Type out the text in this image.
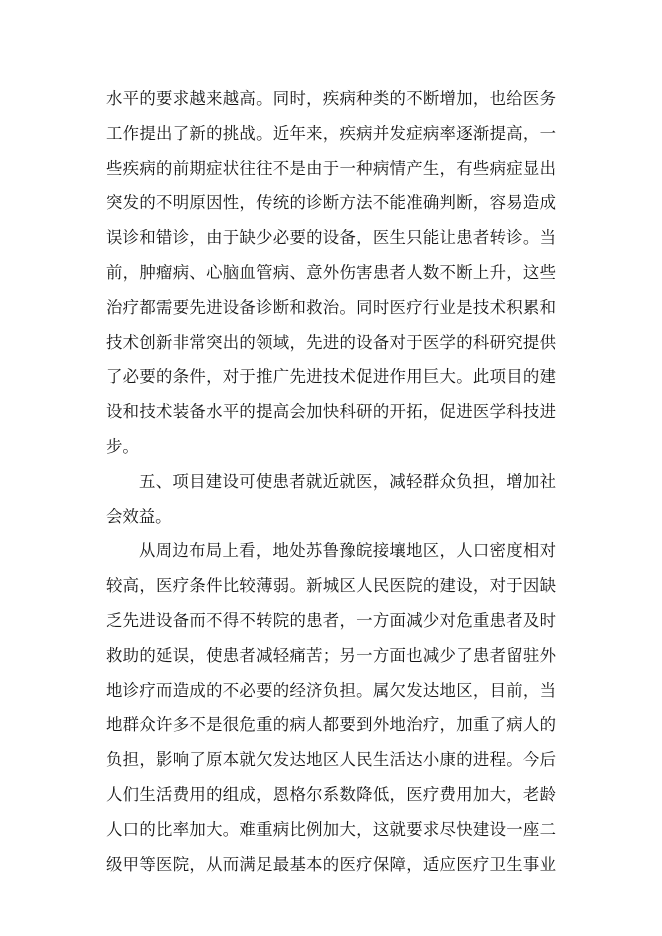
水平的要求越来越高。同时，疾病种类的不断增加，也给医务
工作提出了新的挑战。近年来，疾病并发症病率逐渐提高，一
些疾病的前期症状往往不是由于一种病情产生，有些病症显出
突发的不明原因性，传统的诊断方法不能准确判断，容易造成
误诊和错诊，由于缺少必要的设备，医生只能让患者转诊。当
前，肿瘤病、心脑血管病、意外伤害患者人数不断上升，这些
治疗都需要先进设备诊断和救治。同时医疗行业是技术积累和
技术创新非常突出的领域，先进的设备对于医学的科研究提供
了必要的条件，对于推广先进技术促进作用巨大。此项目的建
设和技术装备水平的提高会加快科研的开拓，促进医学科技进
步。
五、项目建设可使患者就近就医，减轻群众负担，增加社
会效益。
从周边布局上看，地处苏鲁豫皖接壤地区，人口密度相对
较高，医疗条件比较薄弱。新城区人民医院的建设，对于因缺
乏先进设备而不得不转院的患者，一方面减少对危重患者及时
救助的延误，使患者减轻痛苦；另一方面也减少了患者留驻外
地诊疗而造成的不必要的经济负担。属欠发达地区，目前，当
地群众许多不是很危重的病人都要到外地治疗，加重了病人的
负担，影响了原本就欠发达地区人民生活达小康的进程。今后
人们生活费用的组成，恩格尔系数降低，医疗费用加大，老龄
人口的比率加大。难重病比例加大，这就要求尽快建设一座二
级甲等医院，从而满足最基本的医疗保障，适应医疗卫生事业
